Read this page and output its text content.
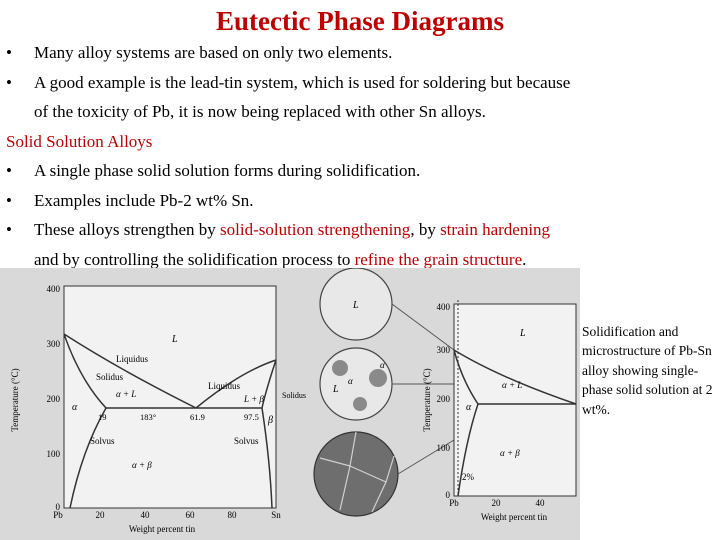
Eutectic Phase Diagrams
• Many alloy systems are based on only two elements.
• A good example is the lead-tin system, which is used for soldering but because
of the toxicity of Pb, it is now being replaced with other Sn alloys.
Solid Solution Alloys
• A single phase solid solution forms during solidification.
• Examples include Pb-2 wt% Sn.
• These alloys strengthen by solid-solution strengthening, by strain hardening
and by controlling the solidification process to refine the grain structure.
400
300
200
100
0
Temperature (°C)
Pb	20	40	60	80	Sn
Weight percent tin
L
Liquidus
Solidus
Liquidus
α + L	L + β Solidus
β
α
19	183°	61.9	97.5
Solvus	Solvus
α + β
L
L
α
α
400
300
200
100
0
Temperature (°C)
Pb	20	40
Weight percent tin
L
α + L
α
α + β
2%
Solidification and microstructure of Pb-Sn alloy showing single-phase solid solution at 2 wt%.
